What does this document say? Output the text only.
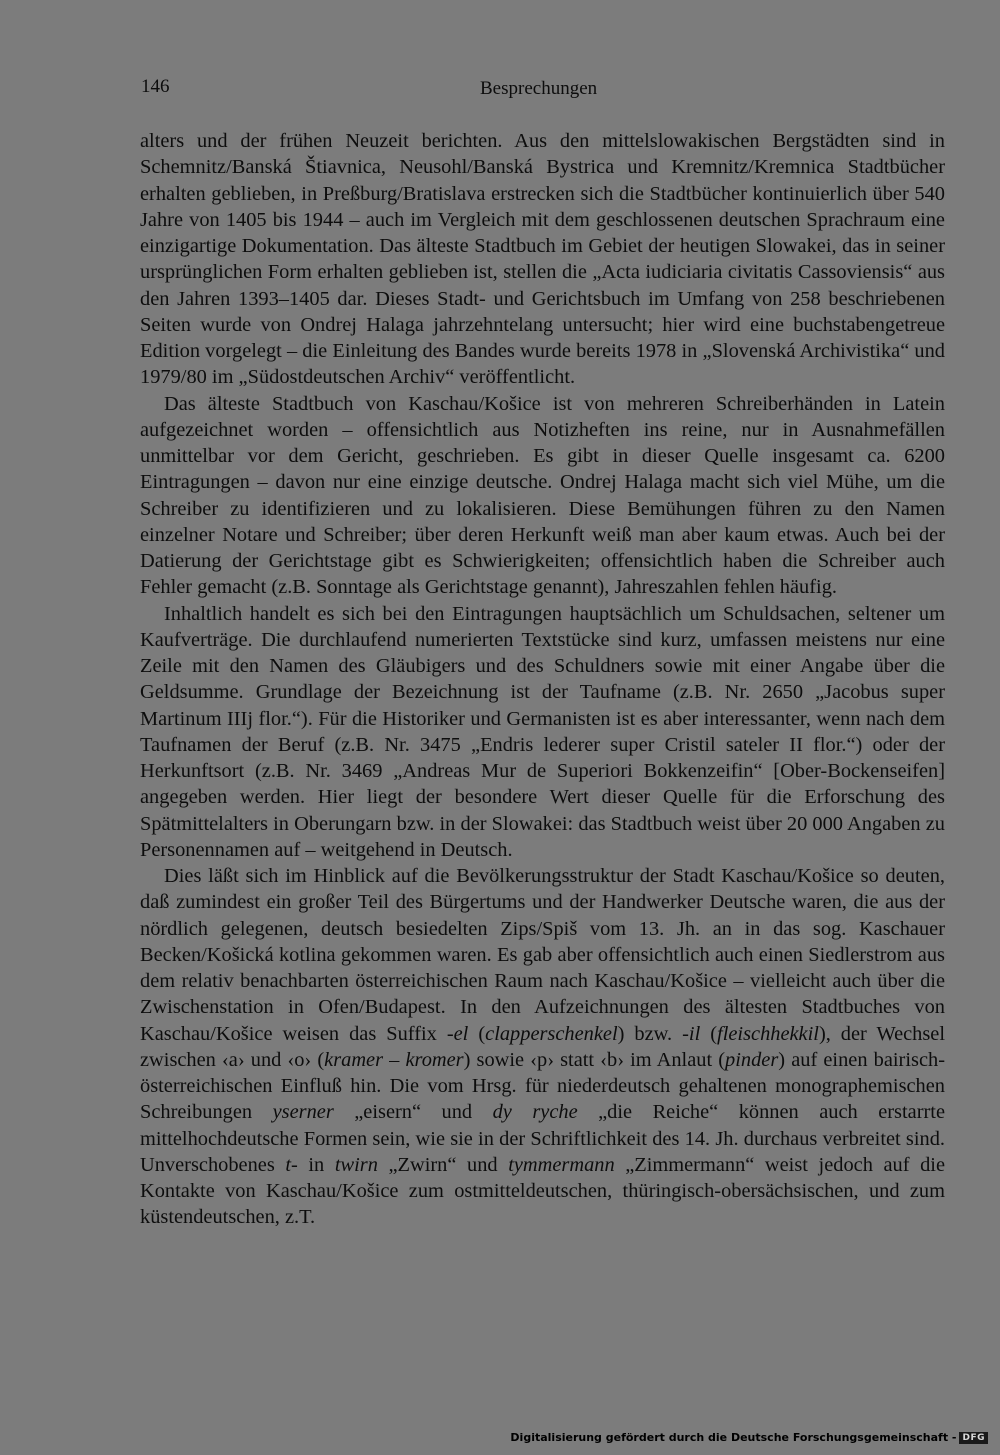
146	Besprechungen

alters und der frühen Neuzeit berichten. Aus den mittelslowakischen Bergstädten sind in Schemnitz/Banská Štiavnica, Neusohl/Banská Bystrica und Kremnitz/Kremnica Stadtbücher erhalten geblieben, in Preßburg/Bratislava erstrecken sich die Stadtbücher kontinuierlich über 540 Jahre von 1405 bis 1944 – auch im Vergleich mit dem geschlossenen deutschen Sprachraum eine einzigartige Dokumentation. Das älteste Stadtbuch im Gebiet der heutigen Slowakei, das in seiner ursprünglichen Form erhalten geblieben ist, stellen die „Acta iudiciaria civitatis Cassoviensis“ aus den Jahren 1393–1405 dar. Dieses Stadt- und Gerichtsbuch im Umfang von 258 beschriebenen Seiten wurde von Ondrej Halaga jahrzehntelang untersucht; hier wird eine buchstabengetreue Edition vorgelegt – die Einleitung des Bandes wurde bereits 1978 in „Slovenská Archivistika“ und 1979/80 im „Südostdeutschen Archiv“ veröffentlicht.

Das älteste Stadtbuch von Kaschau/Košice ist von mehreren Schreiberhänden in Latein aufgezeichnet worden – offensichtlich aus Notizheften ins reine, nur in Ausnahmefällen unmittelbar vor dem Gericht, geschrieben. Es gibt in dieser Quelle insgesamt ca. 6200 Eintragungen – davon nur eine einzige deutsche. Ondrej Halaga macht sich viel Mühe, um die Schreiber zu identifizieren und zu lokalisieren. Diese Bemühungen führen zu den Namen einzelner Notare und Schreiber; über deren Herkunft weiß man aber kaum etwas. Auch bei der Datierung der Gerichtstage gibt es Schwierigkeiten; offensichtlich haben die Schreiber auch Fehler gemacht (z.B. Sonntage als Gerichtstage genannt), Jahreszahlen fehlen häufig.

Inhaltlich handelt es sich bei den Eintragungen hauptsächlich um Schuldsachen, seltener um Kaufverträge. Die durchlaufend numerierten Textstücke sind kurz, umfassen meistens nur eine Zeile mit den Namen des Gläubigers und des Schuldners sowie mit einer Angabe über die Geldsumme. Grundlage der Bezeichnung ist der Taufname (z.B. Nr. 2650 „Jacobus super Martinum IIIj flor.“). Für die Historiker und Germanisten ist es aber interessanter, wenn nach dem Taufnamen der Beruf (z.B. Nr. 3475 „Endris lederer super Cristil sateler II flor.“) oder der Herkunftsort (z.B. Nr. 3469 „Andreas Mur de Superiori Bokkenzeifin“ [Ober-Bockenseifen] angegeben werden. Hier liegt der besondere Wert dieser Quelle für die Erforschung des Spätmittelalters in Oberungarn bzw. in der Slowakei: das Stadtbuch weist über 20 000 Angaben zu Personennamen auf – weitgehend in Deutsch.

Dies läßt sich im Hinblick auf die Bevölkerungsstruktur der Stadt Kaschau/Košice so deuten, daß zumindest ein großer Teil des Bürgertums und der Handwerker Deutsche waren, die aus der nördlich gelegenen, deutsch besiedelten Zips/Spiš vom 13. Jh. an in das sog. Kaschauer Becken/Košická kotlina gekommen waren. Es gab aber offensichtlich auch einen Siedlerstrom aus dem relativ benachbarten österreichischen Raum nach Kaschau/Košice – vielleicht auch über die Zwischenstation in Ofen/Budapest. In den Aufzeichnungen des ältesten Stadtbuches von Kaschau/Košice weisen das Suffix -el (clapperschenkel) bzw. -il (fleischhekkil), der Wechsel zwischen ‹a› und ‹o› (kramer – kromer) sowie ‹p› statt ‹b› im Anlaut (pinder) auf einen bairisch-österreichischen Einfluß hin. Die vom Hrsg. für niederdeutsch gehaltenen monographemischen Schreibungen yserner „eisern“ und dy ryche „die Reiche“ können auch erstarrte mittelhochdeutsche Formen sein, wie sie in der Schriftlichkeit des 14. Jh. durchaus verbreitet sind. Unverschobenes t- in twirn „Zwirn“ und tymmermann „Zimmermann“ weist jedoch auf die Kontakte von Kaschau/Košice zum ostmitteldeutschen, thüringisch-obersächsischen, und zum küstendeutschen, z.T.

Digitalisierung gefördert durch die Deutsche Forschungsgemeinschaft - DFG
